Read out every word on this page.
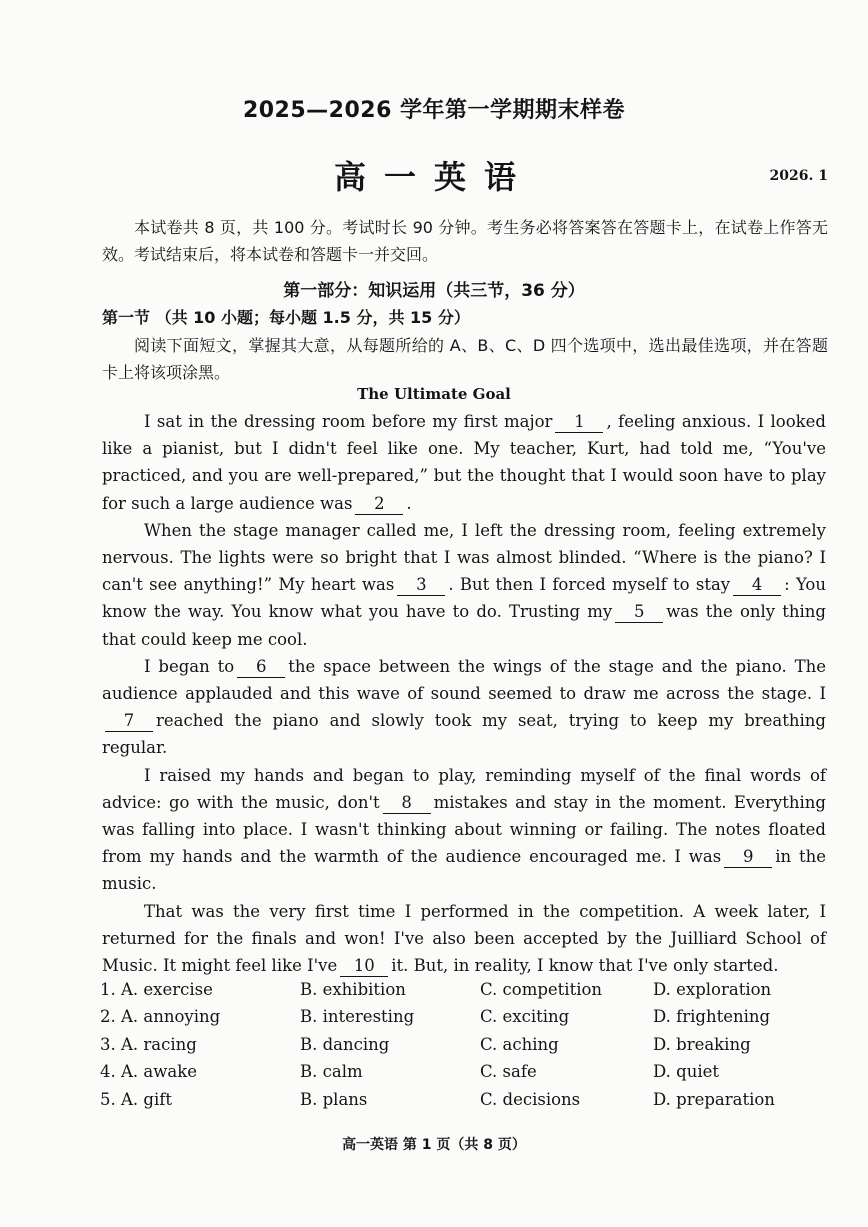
2025—2026 学年第一学期期末样卷
高一英语	2026. 1
本试卷共 8 页，共 100 分。考试时长 90 分钟。考生务必将答案答在答题卡上，在试卷上作答无效。考试结束后，将本试卷和答题卡一并交回。
第一部分：知识运用（共三节，36 分）
第一节 （共 10 小题；每小题 1.5 分，共 15 分）
阅读下面短文，掌握其大意，从每题所给的 A、B、C、D 四个选项中，选出最佳选项，并在答题卡上将该项涂黑。
The Ultimate Goal

I sat in the dressing room before my first major 1 , feeling anxious. I looked like a pianist, but I didn't feel like one. My teacher, Kurt, had told me, “You've practiced, and you are well-prepared,” but the thought that I would soon have to play for such a large audience was 2 .

When the stage manager called me, I left the dressing room, feeling extremely nervous. The lights were so bright that I was almost blinded. “Where is the piano? I can't see anything!” My heart was 3 . But then I forced myself to stay 4 : You know the way. You know what you have to do. Trusting my 5 was the only thing that could keep me cool.

I began to 6 the space between the wings of the stage and the piano. The audience applauded and this wave of sound seemed to draw me across the stage. I7 reached the piano and slowly took my seat, trying to keep my breathing regular.

I raised my hands and began to play, reminding myself of the final words of advice: go with the music, don't 8 mistakes and stay in the moment. Everything was falling into place. I wasn't thinking about winning or failing. The notes floated from my hands and the warmth of the audience encouraged me. I was 9 in the music.

That was the very first time I performed in the competition. A week later, I returned for the finals and won! I've also been accepted by the Juilliard School of Music. It might feel like I've 10 it. But, in reality, I know that I've only started.

1. A. exercise	B. exhibition	C. competition	D. exploration
2. A. annoying	B. interesting	C. exciting	D. frightening
3. A. racing	B. dancing	C. aching	D. breaking
4. A. awake	B. calm	C. safe	D. quiet
5. A. gift	B. plans	C. decisions	D. preparation
高一英语 第 1 页（共 8 页）
